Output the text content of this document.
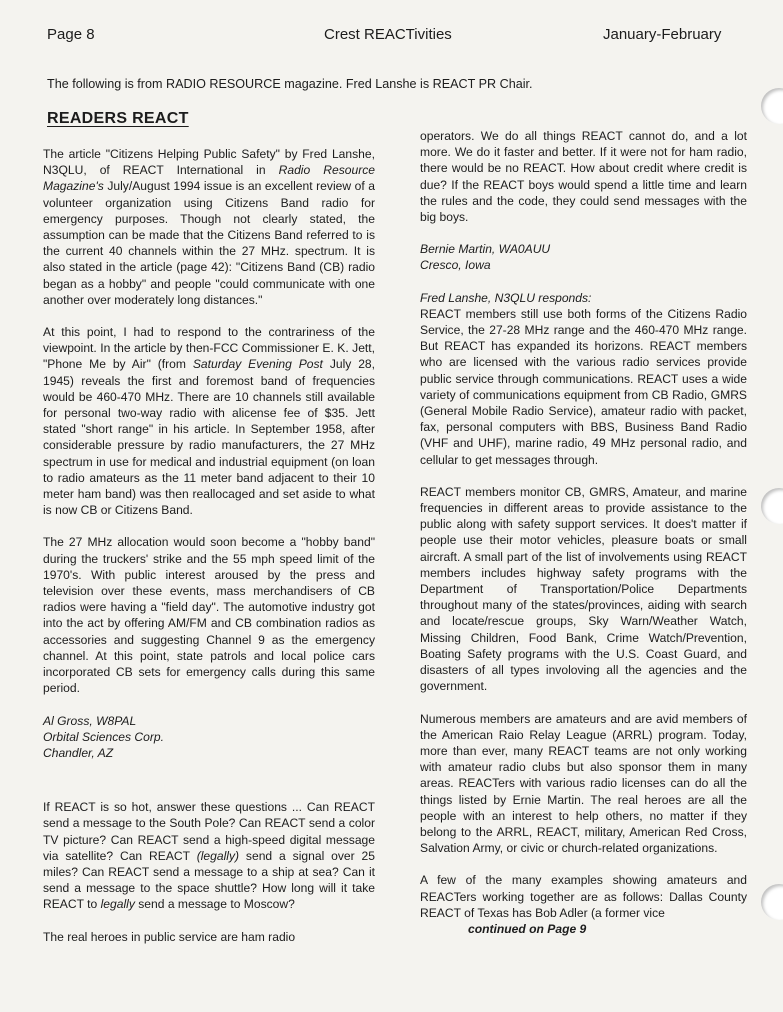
Page 8	Crest REACTivities	January-February
The following is from RADIO RESOURCE magazine. Fred Lanshe is REACT PR Chair.
READERS REACT

The article "Citizens Helping Public Safety" by Fred Lanshe, N3QLU, of REACT International in Radio Resource Magazine's July/August 1994 issue is an excellent review of a volunteer organization using Citizens Band radio for emergency purposes. Though not clearly stated, the assumption can be made that the Citizens Band referred to is the current 40 channels within the 27 MHz. spectrum. It is also stated in the article (page 42): "Citizens Band (CB) radio began as a hobby" and people "could communicate with one another over moderately long distances."

At this point, I had to respond to the contrariness of the viewpoint. In the article by then-FCC Commissioner E. K. Jett, "Phone Me by Air" (from Saturday Evening Post July 28, 1945) reveals the first and foremost band of frequencies would be 460-470 MHz. There are 10 channels still available for personal two-way radio with alicense fee of $35. Jett stated "short range" in his article. In September 1958, after considerable pressure by radio manufacturers, the 27 MHz spectrum in use for medical and industrial equipment (on loan to radio amateurs as the 11 meter band adjacent to their 10 meter ham band) was then reallocaged and set aside to what is now CB or Citizens Band.

The 27 MHz allocation would soon become a "hobby band" during the truckers' strike and the 55 mph speed limit of the 1970's. With public interest aroused by the press and television over these events, mass merchandisers of CB radios were having a "field day". The automotive industry got into the act by offering AM/FM and CB combination radios as accessories and suggesting Channel 9 as the emergency channel. At this point, state patrols and local police cars incorporated CB sets for emergency calls during this same period.

Al Gross, W8PAL
Orbital Sciences Corp.
Chandler, AZ

If REACT is so hot, answer these questions ... Can REACT send a message to the South Pole? Can REACT send a color TV picture? Can REACT send a high-speed digital message via satellite? Can REACT (legally) send a signal over 25 miles? Can REACT send a message to a ship at sea? Can it send a message to the space shuttle? How long will it take REACT to legally send a message to Moscow?

The real heroes in public service are ham radio

operators. We do all things REACT cannot do, and a lot more. We do it faster and better. If it were not for ham radio, there would be no REACT. How about credit where credit is due? If the REACT boys would spend a little time and learn the rules and the code, they could send messages with the big boys.

Bernie Martin, WA0AUU
Cresco, Iowa

Fred Lanshe, N3QLU responds:

REACT members still use both forms of the Citizens Radio Service, the 27-28 MHz range and the 460-470 MHz range. But REACT has expanded its horizons. REACT members who are licensed with the various radio services provide public service through communications. REACT uses a wide variety of communications equipment from CB Radio, GMRS (General Mobile Radio Service), amateur radio with packet, fax, personal computers with BBS, Business Band Radio (VHF and UHF), marine radio, 49 MHz personal radio, and cellular to get messages through.

REACT members monitor CB, GMRS, Amateur, and marine frequencies in different areas to provide assistance to the public along with safety support services. It does't matter if people use their motor vehicles, pleasure boats or small aircraft. A small part of the list of involvements using REACT members includes highway safety programs with the Department of Transportation/Police Departments throughout many of the states/provinces, aiding with search and locate/rescue groups, Sky Warn/Weather Watch, Missing Children, Food Bank, Crime Watch/Prevention, Boating Safety programs with the U.S. Coast Guard, and disasters of all types involoving all the agencies and the government.

Numerous members are amateurs and are avid members of the American Raio Relay League (ARRL) program. Today, more than ever, many REACT teams are not only working with amateur radio clubs but also sponsor them in many areas. REACTers with various radio licenses can do all the things listed by Ernie Martin. The real heroes are all the people with an interest to help others, no matter if they belong to the ARRL, REACT, military, American Red Cross, Salvation Army, or civic or church-related organizations.

A few of the many examples showing amateurs and REACTers working together are as follows: Dallas County REACT of Texas has Bob Adler (a former vice

continued on Page 9
